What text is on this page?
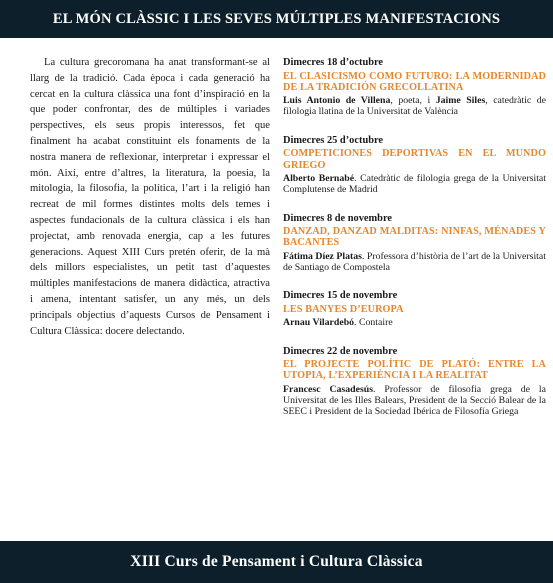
EL MÓN CLÀSSIC I LES SEVES MÚLTIPLES MANIFESTACIONS

La cultura grecoromana ha anat transformant-se al llarg de la tradició. Cada època i cada generació ha cercat en la cultura clàssica una font d’inspiració en la que poder confrontar, des de múltiples i variades perspectives, els seus propis interessos, fet que finalment ha acabat constituint els fonaments de la nostra manera de reflexionar, interpretar i expressar el món. Així, entre d’altres, la literatura, la poesia, la mitologia, la filosofia, la política, l’art i la religió han recreat de mil formes distintes molts dels temes i aspectes fundacionals de la cultura clàssica i els han projectat, amb renovada energia, cap a les futures generacions. Aquest XIII Curs pretén oferir, de la mà dels millors especialistes, un petit tast d’aquestes múltiples manifestacions de manera didàctica, atractiva i amena, intentant satisfer, un any més, un dels principals objectius d’aquests Cursos de Pensament i Cultura Clàssica: docere delectando.

Dimecres 18 d’octubre
EL CLASICISMO COMO FUTURO: LA MODERNIDAD DE LA TRADICIÓN GRECOLLATINA
Luis Antonio de Villena, poeta, i Jaime Siles, catedràtic de filologia llatina de la Universitat de València
Dimecres 25 d’octubre
COMPETICIONES DEPORTIVAS EN EL MUNDO GRIEGO
Alberto Bernabé. Catedràtic de filologia grega de la Universitat Complutense de Madrid
Dimecres 8 de novembre
DANZAD, DANZAD MALDITAS: NINFAS, MÉNADES Y BACANTES
Fátima Díez Platas. Professora d’història de l’art de la Universitat de Santiago de Compostela
Dimecres 15 de novembre
LES BANYES D’EUROPA
Arnau Vilardebó. Contaire
Dimecres 22 de novembre
EL PROJECTE POLÍTIC DE PLATÓ: ENTRE LA UTOPIA, L’EXPERIÈNCIA I LA REALITAT
Francesc Casadesús. Professor de filosofia grega de la Universitat de les Illes Balears, President de la Secció Balear de la SEEC i President de la Sociedad Ibérica de Filosofía Griega
XIII Curs de Pensament i Cultura Clàssica
